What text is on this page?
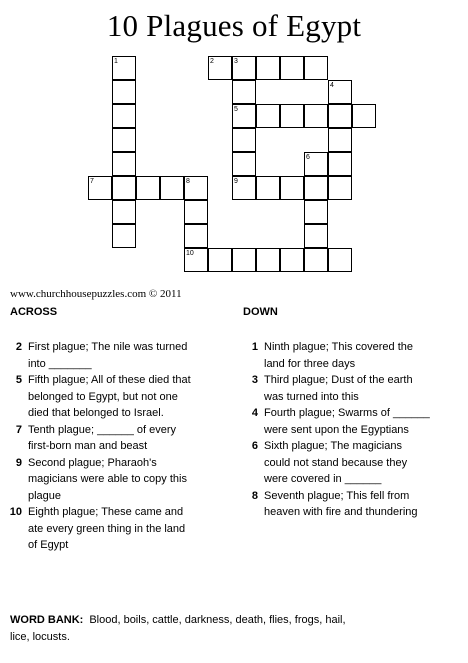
10 Plagues of Egypt
1	2	3
4
5
6
7	8	9
10
www.churchhousepuzzles.com © 2011
ACROSS	DOWN
2 First plague; The nile was turned
into _______
5 Fifth plague; All of these died that
belonged to Egypt, but not one
died that belonged to Israel.
7 Tenth plague; ______ of every
first-born man and beast
9 Second plague; Pharaoh's
magicians were able to copy this
plague
10 Eighth plague; These came and
ate every green thing in the land
of Egypt
1 Ninth plague; This covered the
land for three days
3 Third plague; Dust of the earth
was turned into this
4 Fourth plague; Swarms of ______
were sent upon the Egyptians
6 Sixth plague; The magicians
could not stand because they
were covered in ______
8 Seventh plague; This fell from
heaven with fire and thundering
WORD BANK: Blood, boils, cattle, darkness, death, flies, frogs, hail,
lice, locusts.
